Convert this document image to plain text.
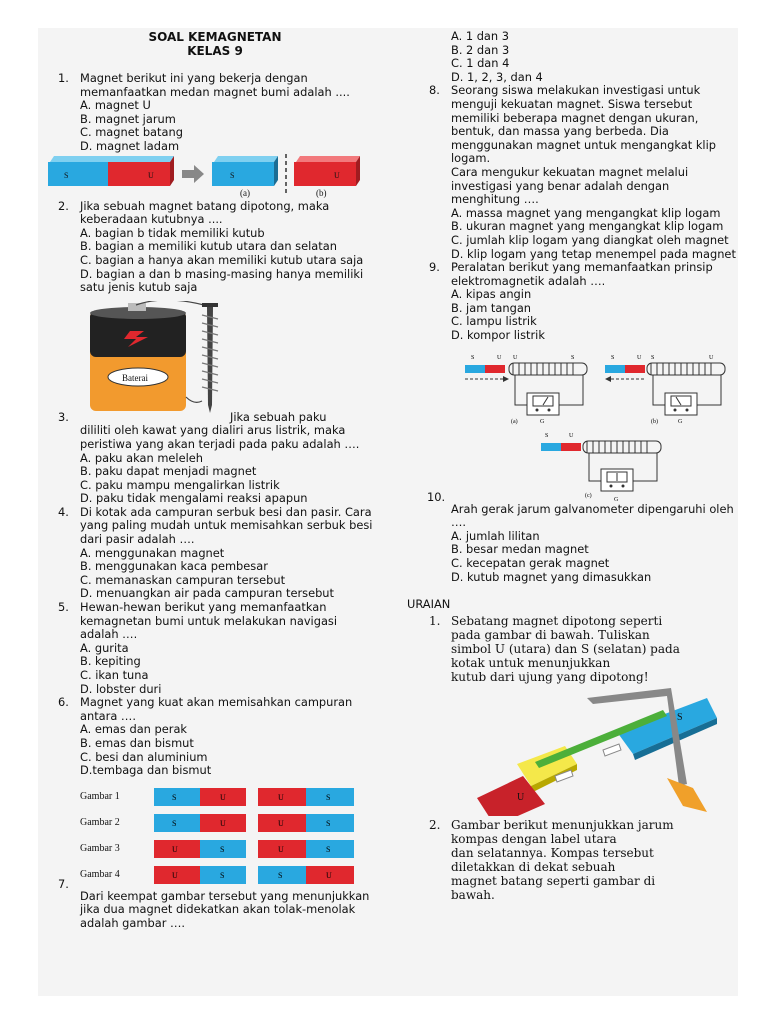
SOAL KEMAGNETAN
KELAS 9
1. Magnet berikut ini yang bekerja dengan memanfaatkan medan magnet bumi adalah ....

A. magnet U

B. magnet jarum

C. magnet batang

D. magnet ladam

S	U	S	U
(a)	(b)
2. Jika sebuah magnet batang dipotong, maka keberadaan kutubnya ....

A. bagian b tidak memiliki kutub

B. bagian a memiliki kutub utara dan selatan

C. bagian a hanya akan memiliki kutub utara saja

D. bagian a dan b masing-masing hanya memiliki satu jenis kutub saja

Baterai
3.	Jika sebuah paku

dililiti oleh kawat yang dialiri arus listrik, maka peristiwa yang akan terjadi pada paku adalah ….

A. paku akan meleleh

B. paku dapat menjadi magnet

C. paku mampu mengalirkan listrik

D. paku tidak mengalami reaksi apapun

4. Di kotak ada campuran serbuk besi dan pasir. Cara yang paling mudah untuk memisahkan serbuk besi dari pasir adalah ….

A. menggunakan magnet

B. menggunakan kaca pembesar

C. memanaskan campuran tersebut

D. menuangkan air pada campuran tersebut

5. Hewan-hewan berikut yang memanfaatkan kemagnetan bumi untuk melakukan navigasi adalah ….

A. gurita

B. kepiting

C. ikan tuna

D. lobster duri

6. Magnet yang kuat akan memisahkan campuran antara ….

A. emas dan perak

B. emas dan bismut

C. besi dan aluminium

D.tembaga dan bismut

Gambar 1	S	U	U	S
Gambar 2	S	U	U	S
Gambar 3	U	S	U	S
Gambar 4	U	S	S	U
7.

Dari keempat gambar tersebut yang menunjukkan jika dua magnet didekatkan akan tolak-menolak adalah gambar ….

A. 1 dan 3

B. 2 dan 3

C. 1 dan 4

D. 1, 2, 3, dan 4

8. Seorang siswa melakukan investigasi untuk menguji kekuatan magnet. Siswa tersebut memiliki beberapa magnet dengan ukuran, bentuk, dan massa yang berbeda. Dia menggunakan magnet untuk mengangkat klip logam.

Cara mengukur kekuatan magnet melalui investigasi yang benar adalah dengan menghitung ….

A. massa magnet yang mengangkat klip logam

B. ukuran magnet yang mengangkat klip logam

C. jumlah klip logam yang diangkat oleh magnet

D. klip logam yang tetap menempel pada magnet

9. Peralatan berikut yang memanfaatkan prinsip elektromagnetik adalah ….

A. kipas angin

B. jam tangan

C. lampu listrik

D. kompor listrik

S	U U	S
(a)	G
S	U S	U
(b)	G
S	U
(c)
G
10.

Arah gerak jarum galvanometer dipengaruhi oleh ….

A. jumlah lilitan

B. besar medan magnet

C. kecepatan gerak magnet

D. kutub magnet yang dimasukkan

URAIAN
1. Sebatang magnet dipotong seperti

pada gambar di bawah. Tuliskan

simbol U (utara) dan S (selatan) pada

kotak untuk menunjukkan

kutub dari ujung yang dipotong!

S
U
2. Gambar berikut menunjukkan jarum

kompas dengan label utara

dan selatannya. Kompas tersebut

diletakkan di dekat sebuah

magnet batang seperti gambar di

bawah.
